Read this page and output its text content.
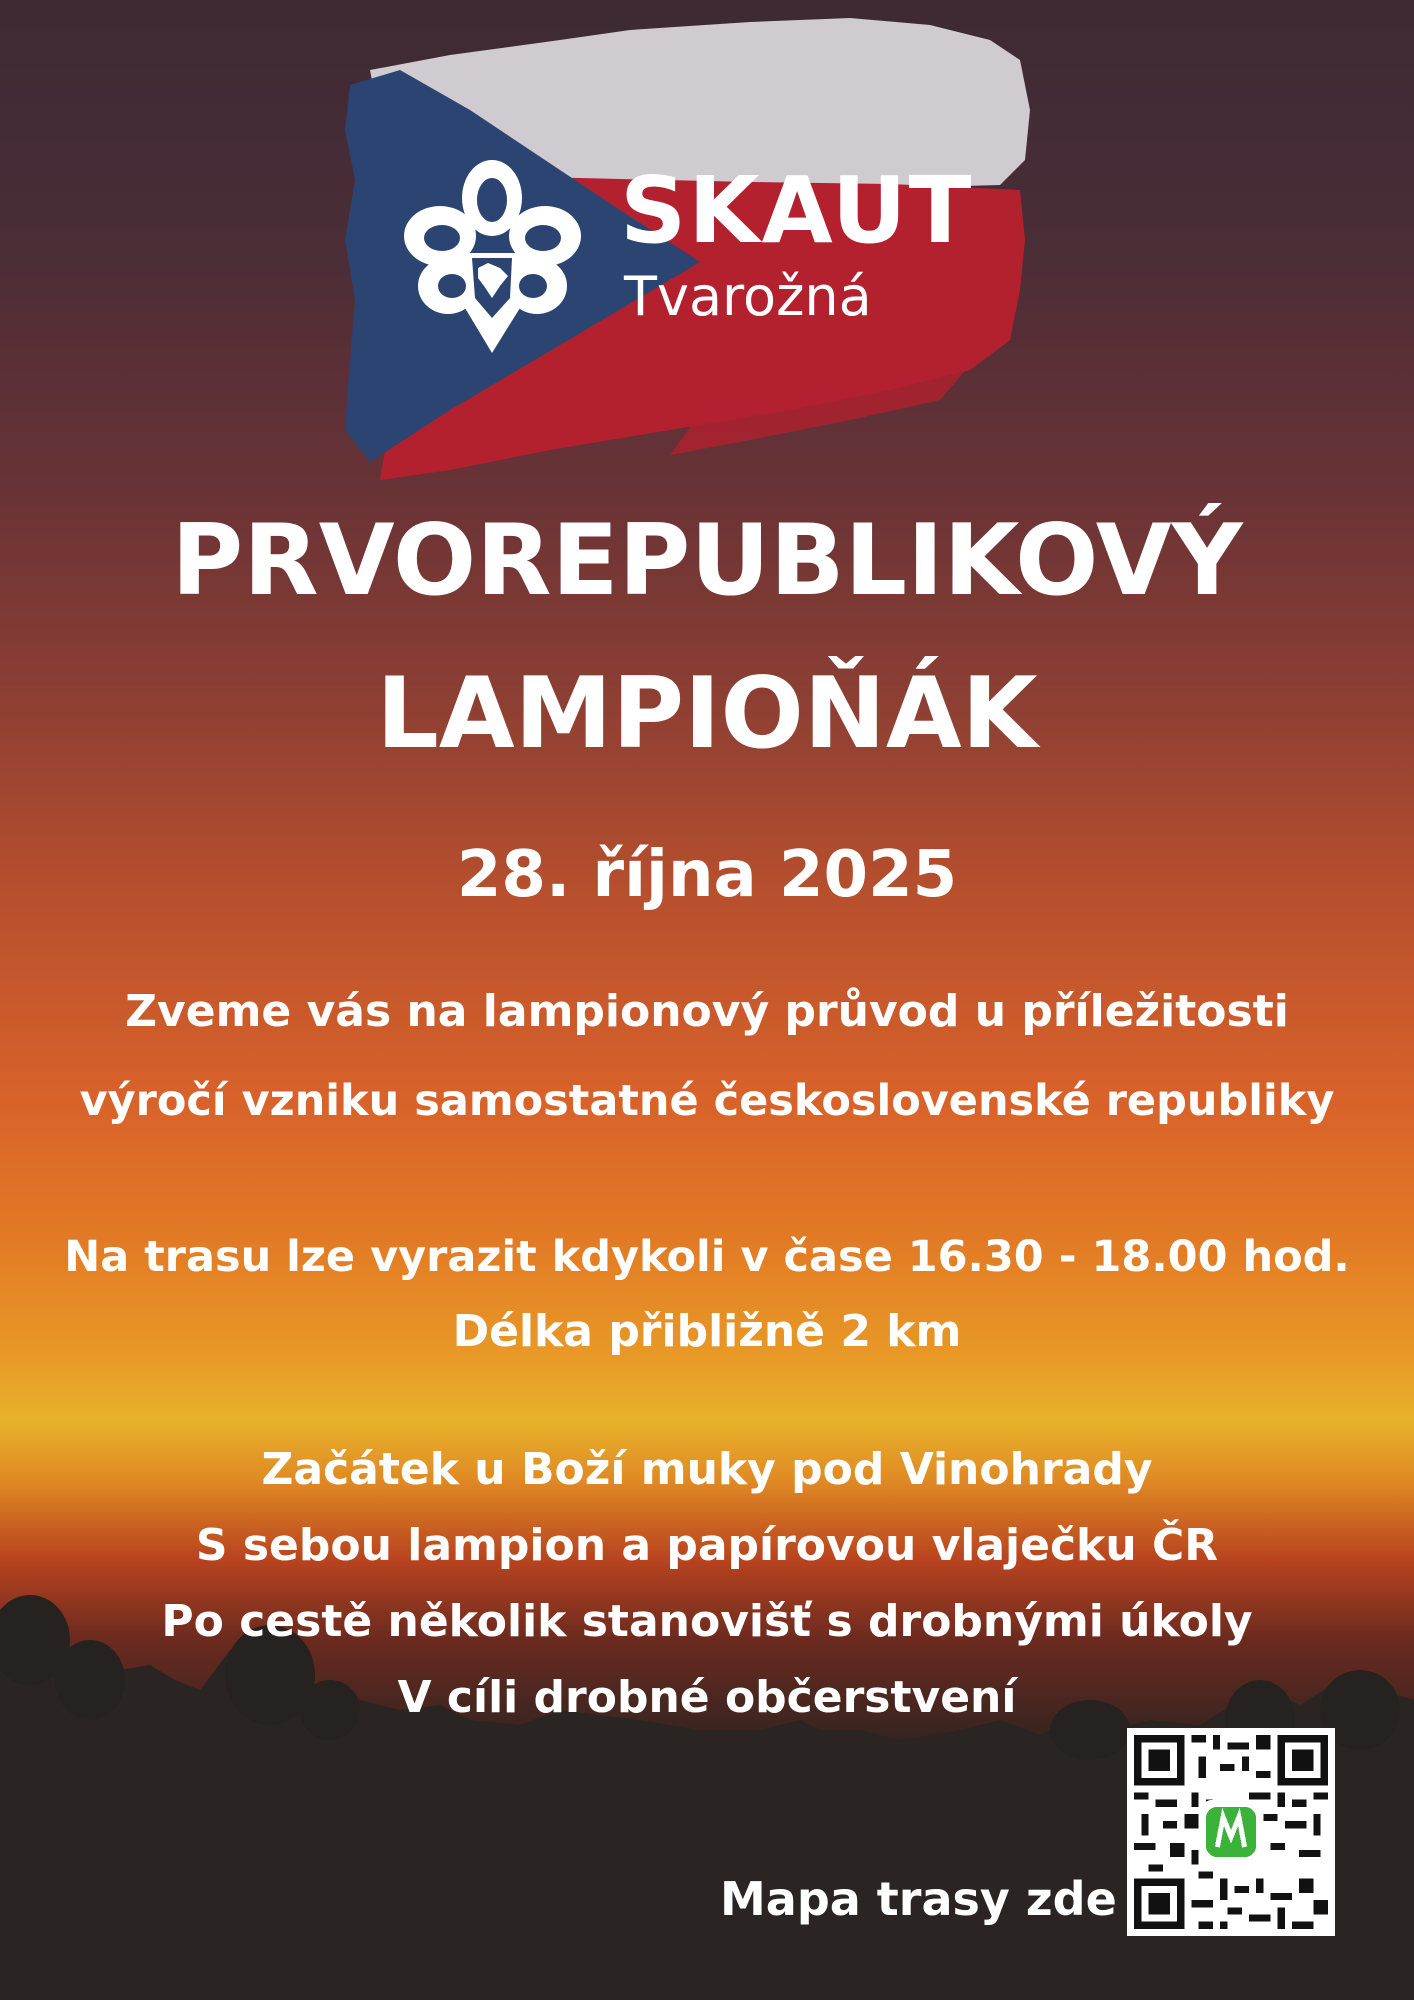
SKAUT
Tvarožná
PRVOREPUBLIKOVÝ
LAMPIOŇÁK
28. října 2025
Zveme vás na lampionový průvod u příležitosti
výročí vzniku samostatné československé republiky
Na trasu lze vyrazit kdykoli v čase 16.30 - 18.00 hod.
Délka přibližně 2 km
Začátek u Boží muky pod Vinohrady
S sebou lampion a papírovou vlaječku ČR
Po cestě několik stanovišť s drobnými úkoly
V cíli drobné občerstvení
Mapa trasy zde
